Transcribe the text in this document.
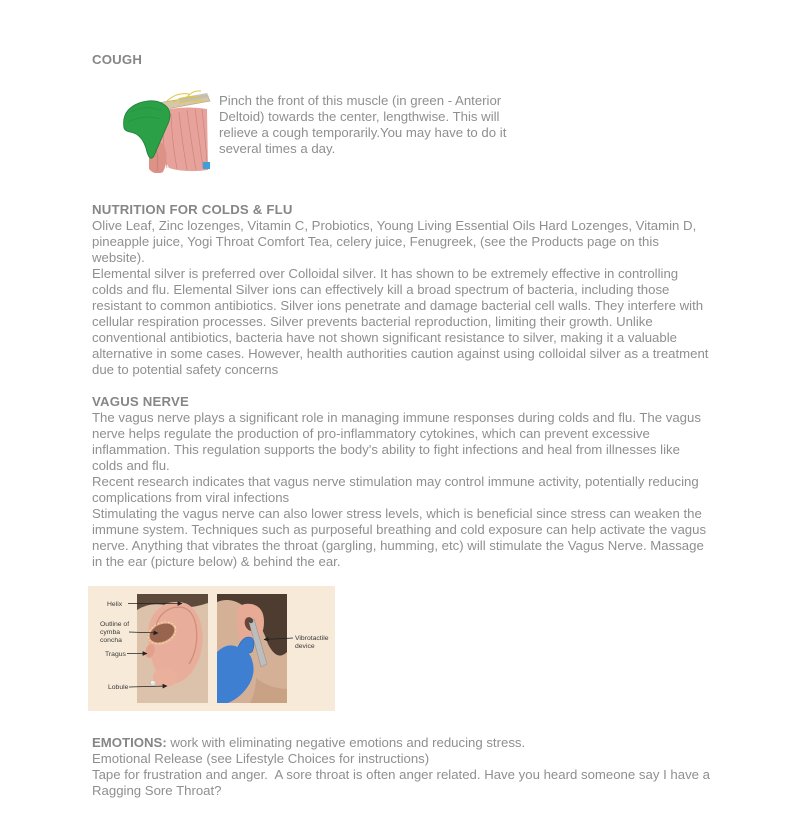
COUGH

Pinch the front of this muscle (in green - Anterior Deltoid) towards the center, lengthwise. This will relieve a cough temporarily.You may have to do it several times a day.

NUTRITION FOR COLDS & FLU

Olive Leaf, Zinc lozenges, Vitamin C, Probiotics, Young Living Essential Oils Hard Lozenges, Vitamin D, pineapple juice, Yogi Throat Comfort Tea, celery juice, Fenugreek, (see the Products page on this website).

Elemental silver is preferred over Colloidal silver. It has shown to be extremely effective in controlling colds and flu. Elemental Silver ions can effectively kill a broad spectrum of bacteria, including those resistant to common antibiotics. Silver ions penetrate and damage bacterial cell walls. They interfere with cellular respiration processes. Silver prevents bacterial reproduction, limiting their growth. Unlike conventional antibiotics, bacteria have not shown significant resistance to silver, making it a valuable alternative in some cases. However, health authorities caution against using colloidal silver as a treatment due to potential safety concerns

VAGUS NERVE

The vagus nerve plays a significant role in managing immune responses during colds and flu. The vagus nerve helps regulate the production of pro-inflammatory cytokines, which can prevent excessive inflammation. This regulation supports the body's ability to fight infections and heal from illnesses like colds and flu.

Recent research indicates that vagus nerve stimulation may control immune activity, potentially reducing complications from viral infections

Stimulating the vagus nerve can also lower stress levels, which is beneficial since stress can weaken the immune system. Techniques such as purposeful breathing and cold exposure can help activate the vagus nerve. Anything that vibrates the throat (gargling, humming, etc) will stimulate the Vagus Nerve. Massage in the ear (picture below) & behind the ear.

Helix
Outline of
cymba
concha
Tragus
Lobule
Vibrotactile
device

EMOTIONS: work with eliminating negative emotions and reducing stress.

Emotional Release (see Lifestyle Choices for instructions)

Tape for frustration and anger.  A sore throat is often anger related. Have you heard someone say I have a Ragging Sore Throat?
